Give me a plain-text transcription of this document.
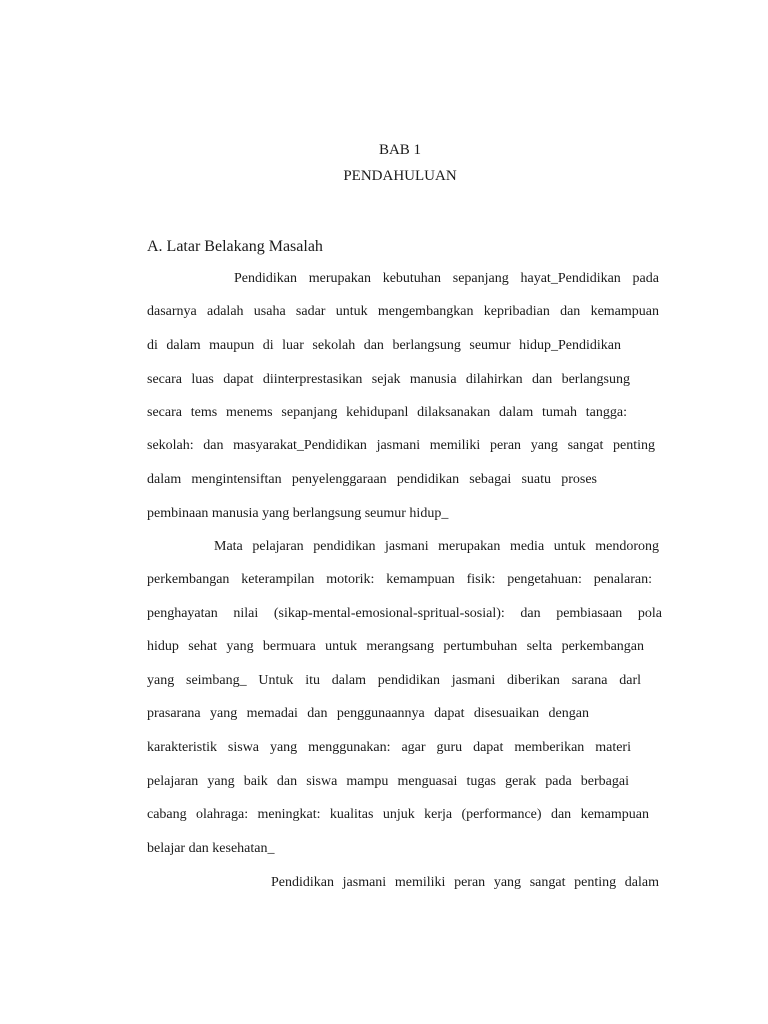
BAB 1
PENDAHULUAN
A. Latar Belakang Masalah
Pendidikan merupakan kebutuhan sepanjang hayat_Pendidikan pada
dasarnya adalah usaha sadar untuk mengembangkan kepribadian dan kemampuan
di dalam maupun di luar sekolah dan berlangsung seumur hidup_Pendidikan
secara luas dapat diinterprestasikan sejak manusia dilahirkan dan berlangsung
secara tems menems sepanjang kehidupanl dilaksanakan dalam tumah tangga:
sekolah: dan masyarakat_Pendidikan jasmani memiliki peran yang sangat penting
dalam mengintensiftan penyelenggaraan pendidikan sebagai suatu proses
pembinaan manusia yang berlangsung seumur hidup_
Mata pelajaran pendidikan jasmani merupakan media untuk mendorong
perkembangan keterampilan motorik: kemampuan fisik: pengetahuan: penalaran:
penghayatan nilai (sikap-mental-emosional-spritual-sosial): dan pembiasaan pola
hidup sehat yang bermuara untuk merangsang pertumbuhan selta perkembangan
yang seimbang_ Untuk itu dalam pendidikan jasmani diberikan sarana darl
prasarana yang memadai dan penggunaannya dapat disesuaikan dengan
karakteristik siswa yang menggunakan: agar guru dapat memberikan materi
pelajaran yang baik dan siswa mampu menguasai tugas gerak pada berbagai
cabang olahraga: meningkat: kualitas unjuk kerja (performance) dan kemampuan
belajar dan kesehatan_
Pendidikan jasmani memiliki peran yang sangat penting dalam
